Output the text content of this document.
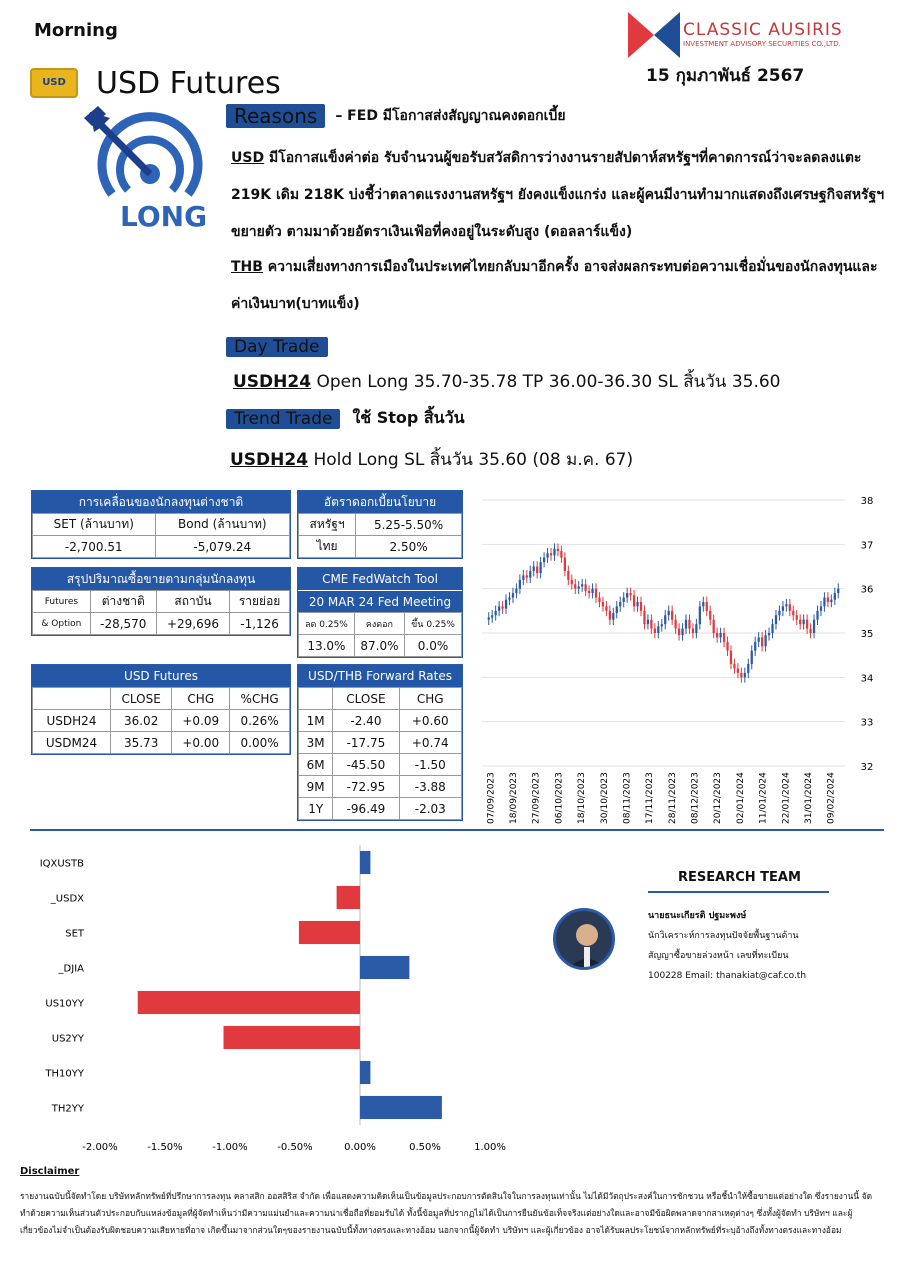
Morning
USD	USD Futures
CLASSIC AUSIRIS
INVESTMENT ADVISORY SECURITIES CO.,LTD.
15 กุมภาพันธ์ 2567
LONG
Reasons	– FED มีโอกาสส่งสัญญาณคงดอกเบี้ย
USD มีโอกาสแข็งค่าต่อ รับจำนวนผู้ขอรับสวัสดิการว่างงานรายสัปดาห์สหรัฐฯที่คาดการณ์ว่าจะลดลงแตะ 219K เดิม 218K บ่งชี้ว่าตลาดแรงงานสหรัฐฯ ยังคงแข็งแกร่ง และผู้คนมีงานทำมากแสดงถึงเศรษฐกิจสหรัฐฯขยายตัว ตามมาด้วยอัตราเงินเฟ้อที่คงอยู่ในระดับสูง (ดอลลาร์แข็ง)
THB ความเสี่ยงทางการเมืองในประเทศไทยกลับมาอีกครั้ง อาจส่งผลกระทบต่อความเชื่อมั่นของนักลงทุนและค่าเงินบาท(บาทแข็ง)
Day Trade
USDH24 Open Long 35.70-35.78 TP 36.00-36.30 SL สิ้นวัน 35.60
Trend Trade	ใช้ Stop สิ้นวัน
USDH24 Hold Long SL สิ้นวัน 35.60 (08 ม.ค. 67)
การเคลื่อนของนักลงทุนต่างชาติ
SET (ล้านบาท)	Bond (ล้านบาท)
-2,700.51	-5,079.24
อัตราดอกเบี้ยนโยบาย
สหรัฐฯ	5.25-5.50%
ไทย	2.50%
สรุปปริมาณซื้อขายตามกลุ่มนักลงทุน
Futures	ต่างชาติ	สถาบัน	รายย่อย
& Option	-28,570	+29,696	-1,126
CME FedWatch Tool
20 MAR 24 Fed Meeting
ลด 0.25%	คงดอก	ขึ้น 0.25%
13.0%	87.0%	0.0%
USD Futures
	CLOSE	CHG	%CHG
USDH24	36.02	+0.09	0.26%
USDM24	35.73	+0.00	0.00%
USD/THB Forward Rates
	CLOSE	CHG
1M	-2.40	+0.60
3M	-17.75	+0.74
6M	-45.50	-1.50
9M	-72.95	-3.88
1Y	-96.49	-2.03
38
37
36
35
34
33
32
07/09/2023 18/09/2023 27/09/2023 06/10/2023 18/10/2023 30/10/2023 08/11/2023 17/11/2023 28/11/2023 08/12/2023 20/12/2023 02/01/2024 11/01/2024 22/01/2024 31/01/2024 09/02/2024
IQXUSTB
_USDX
SET
_DJIA
US10YY
US2YY
TH10YY
TH2YY
-2.00%	-1.50%	-1.00%	-0.50%	0.00%	0.50%	1.00%
RESEARCH TEAM
นายธนะเกียรติ ปฐมะพงษ์
นักวิเคราะห์การลงทุนปัจจัยพื้นฐานด้าน
สัญญาซื้อขายล่วงหน้า เลขที่ทะเบียน
100228 Email: thanakiat@caf.co.th
Disclaimer
รายงานฉบับนี้จัดทำโดย บริษัทหลักทรัพย์ที่ปรึกษาการลงทุน คลาสสิก ออสสิริส จำกัด เพื่อแสดงความคิดเห็นเป็นข้อมูลประกอบการตัดสินใจในการลงทุนเท่านั้น ไม่ได้มีวัตถุประสงค์ในการชักชวน หรือชี้นำให้ซื้อขายแต่อย่างใด ซึ่งรายงานนี้ จัดทำด้วยความเห็นส่วนตัวประกอบกับแหล่งข้อมูลที่ผู้จัดทำเห็นว่ามีความแม่นยำและความน่าเชื่อถือที่ยอมรับได้ ทั้งนี้ข้อมูลที่ปรากฏไม่ได้เป็นการยืนยันข้อเท็จจริงแต่อย่างใดและอาจมีข้อผิดพลาดจากสาเหตุต่างๆ ซึ่งทั้งผู้จัดทำ บริษัทฯ และผู้เกี่ยวข้องไม่จำเป็นต้องรับผิดชอบความเสียหายที่อาจ เกิดขึ้นมาจากส่วนใดๆของรายงานฉบับนี้ทั้งทางตรงและทางอ้อม นอกจากนี้ผู้จัดทำ บริษัทฯ และผู้เกี่ยวข้อง อาจได้รับผลประโยชน์จากหลักทรัพย์ที่ระบุอ้างถึงทั้งทางตรงและทางอ้อม
